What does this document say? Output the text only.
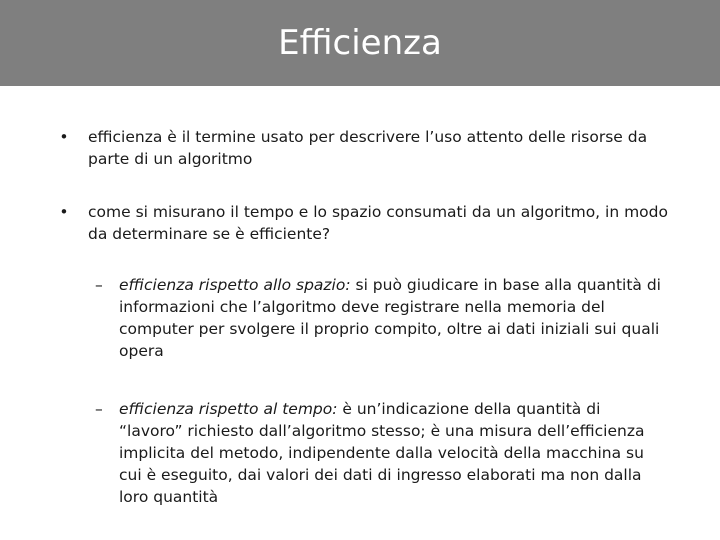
Efficienza
• efficienza è il termine usato per descrivere l’uso attento delle risorse da parte di un algoritmo
• come si misurano il tempo e lo spazio consumati da un algoritmo, in modo da determinare se è efficiente?
– efficienza rispetto allo spazio: si può giudicare in base alla quantità di informazioni che l’algoritmo deve registrare nella memoria del computer per svolgere il proprio compito, oltre ai dati iniziali sui quali opera
– efficienza rispetto al tempo: è un’indicazione della quantità di “lavoro” richiesto dall’algoritmo stesso; è una misura dell’efficienza implicita del metodo, indipendente dalla velocità della macchina su cui è eseguito, dai valori dei dati di ingresso elaborati ma non dalla loro quantità
